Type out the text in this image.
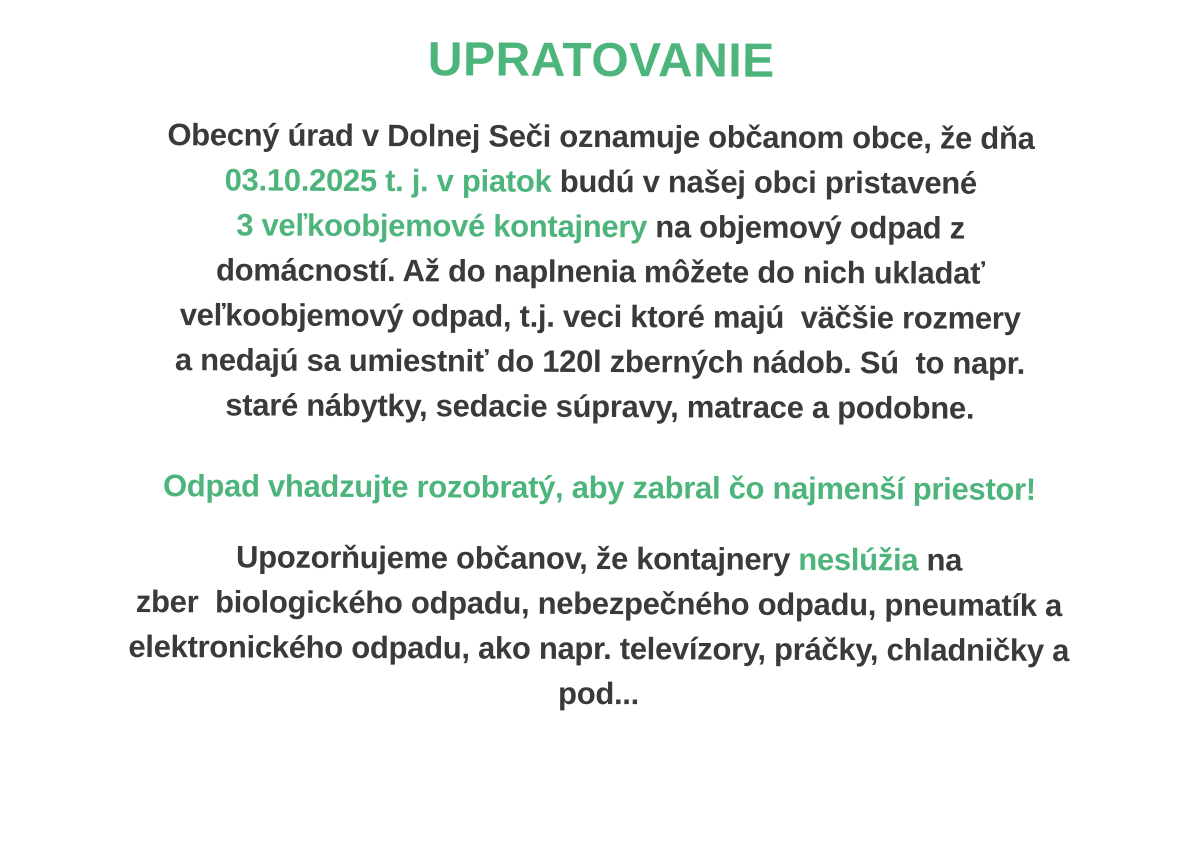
UPRATOVANIE

Obecný úrad v Dolnej Seči oznamuje občanom obce, že dňa

03.10.2025 t. j. v piatok budú v našej obci pristavené

3 veľkoobjemové kontajnery na objemový odpad z

domácností. Až do naplnenia môžete do nich ukladať

veľkoobjemový odpad, t.j. veci ktoré majú  väčšie rozmery

a nedajú sa umiestniť do 120l zberných nádob. Sú  to napr.

staré nábytky, sedacie súpravy, matrace a podobne.

Odpad vhadzujte rozobratý, aby zabral čo najmenší priestor!

Upozorňujeme občanov, že kontajnery neslúžia na

zber  biologického odpadu, nebezpečného odpadu, pneumatík a

elektronického odpadu, ako napr. televízory, práčky, chladničky a

pod...
